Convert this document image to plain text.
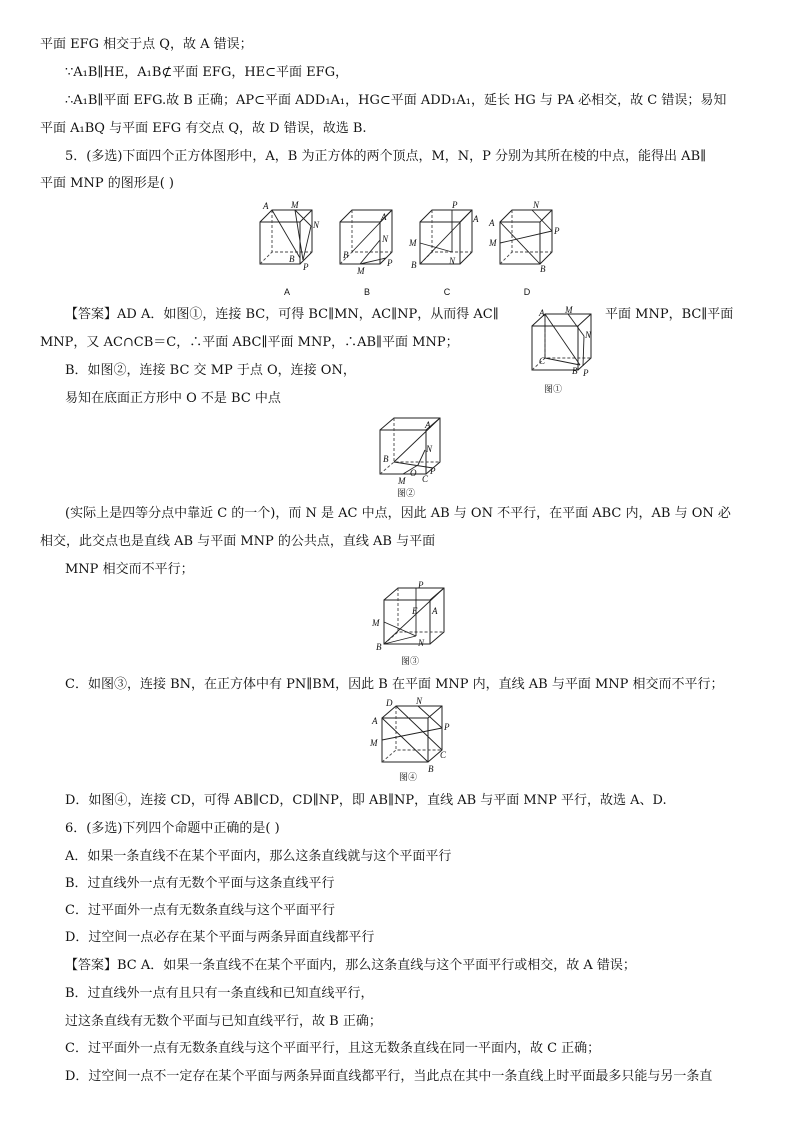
平面 EFG 相交于点 Q，故 A 错误；
∵A₁B∥HE，A₁B⊄平面 EFG，HE⊂平面 EFG，
∴A₁B∥平面 EFG.故 B 正确；AP⊂平面 ADD₁A₁，HG⊂平面 ADD₁A₁，延长 HG 与 PA 必相交，故 C 错误；易知
平面 A₁BQ 与平面 EFG 有交点 Q，故 D 错误，故选 B.
5．(多选)下面四个正方体图形中，A，B 为正方体的两个顶点，M，N，P 分别为其所在棱的中点，能得出 AB∥
平面 MNP 的图形是( )
A	M
N
P
B
A
A
B
N
M
P
B
P
A
M
B	N
C
A
M
N
P
B
D
【答案】AD A．如图①，连接 BC，可得 BC∥MN，AC∥NP，从而得 AC∥	平面 MNP，BC∥平面
MNP，又 AC∩CB＝C，∴平面 ABC∥平面 MNP，∴AB∥平面 MNP；
A M
N
C
B P
图①
B．如图②，连接 BC 交 MP 于点 O，连接 ON，
易知在底面正方形中 O 不是 BC 中点
A
B
N
O
M C
P
图②
(实际上是四等分点中靠近 C 的一个)，而 N 是 AC 中点，因此 AB 与 ON 不平行，在平面 ABC 内，AB 与 ON 必
相交，此交点也是直线 AB 与平面 MNP 的公共点，直线 AB 与平面
MNP 相交而不平行；
P
A
E
M
B	N
图③
C．如图③，连接 BN，在正方体中有 PN∥BM，因此 B 在平面 MNP 内，直线 AB 与平面 MNP 相交而不平行；
D	N
A
P
M
C
B
图④
D．如图④，连接 CD，可得 AB∥CD，CD∥NP，即 AB∥NP，直线 AB 与平面 MNP 平行，故选 A、D.
6．(多选)下列四个命题中正确的是( )
A．如果一条直线不在某个平面内，那么这条直线就与这个平面平行
B．过直线外一点有无数个平面与这条直线平行
C．过平面外一点有无数条直线与这个平面平行
D．过空间一点必存在某个平面与两条异面直线都平行
【答案】BC A．如果一条直线不在某个平面内，那么这条直线与这个平面平行或相交，故 A 错误；
B．过直线外一点有且只有一条直线和已知直线平行，
过这条直线有无数个平面与已知直线平行，故 B 正确；
C．过平面外一点有无数条直线与这个平面平行，且这无数条直线在同一平面内，故 C 正确；
D．过空间一点不一定存在某个平面与两条异面直线都平行，当此点在其中一条直线上时平面最多只能与另一条直
